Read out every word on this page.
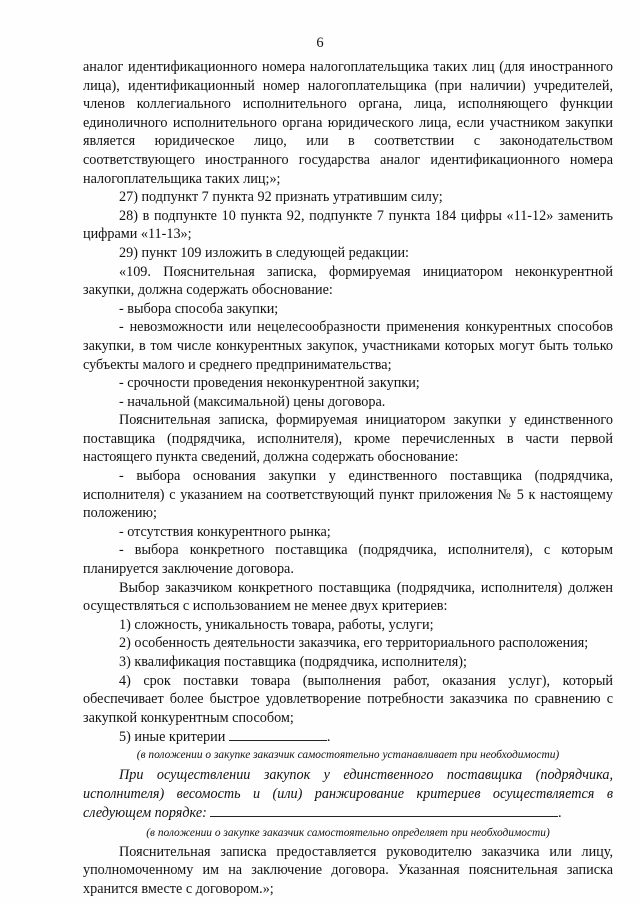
6

аналог идентификационного номера налогоплательщика таких лиц (для иностранного лица), идентификационный номер налогоплательщика (при наличии) учредителей, членов коллегиального исполнительного органа, лица, исполняющего функции единоличного исполнительного органа юридического лица, если участником закупки является юридическое лицо, или в соответствии с законодательством соответствующего иностранного государства аналог идентификационного номера налогоплательщика таких лиц;»;

27) подпункт 7 пункта 92 признать утратившим силу;

28) в подпункте 10 пункта 92, подпункте 7 пункта 184 цифры «11-12» заменить цифрами «11-13»;

29) пункт 109 изложить в следующей редакции:

«109. Пояснительная записка, формируемая инициатором неконкурентной закупки, должна содержать обоснование:

- выбора способа закупки;

- невозможности или нецелесообразности применения конкурентных способов закупки, в том числе конкурентных закупок, участниками которых могут быть только субъекты малого и среднего предпринимательства;

- срочности проведения неконкурентной закупки;

- начальной (максимальной) цены договора.

Пояснительная записка, формируемая инициатором закупки у единственного поставщика (подрядчика, исполнителя), кроме перечисленных в части первой настоящего пункта сведений, должна содержать обоснование:

- выбора основания закупки у единственного поставщика (подрядчика, исполнителя) с указанием на соответствующий пункт приложения № 5 к настоящему положению;

- отсутствия конкурентного рынка;

- выбора конкретного поставщика (подрядчика, исполнителя), с которым планируется заключение договора.

Выбор заказчиком конкретного поставщика (подрядчика, исполнителя) должен осуществляться с использованием не менее двух критериев:

1) сложность, уникальность товара, работы, услуги;

2) особенность деятельности заказчика, его территориального расположения;

3) квалификация поставщика (подрядчика, исполнителя);

4) срок поставки товара (выполнения работ, оказания услуг), который обеспечивает более быстрое удовлетворение потребности заказчика по сравнению с закупкой конкурентным способом;

5) иные критерии	.

(в положении о закупке заказчик самостоятельно устанавливает при необходимости)

При осуществлении закупок у единственного поставщика (подрядчика, исполнителя) весомость и (или) ранжирование критериев осуществляется в следующем порядке:	.

(в положении о закупке заказчик самостоятельно определяет при необходимости)

Пояснительная записка предоставляется руководителю заказчика или лицу, уполномоченному им на заключение договора. Указанная пояснительная записка хранится вместе с договором.»;
